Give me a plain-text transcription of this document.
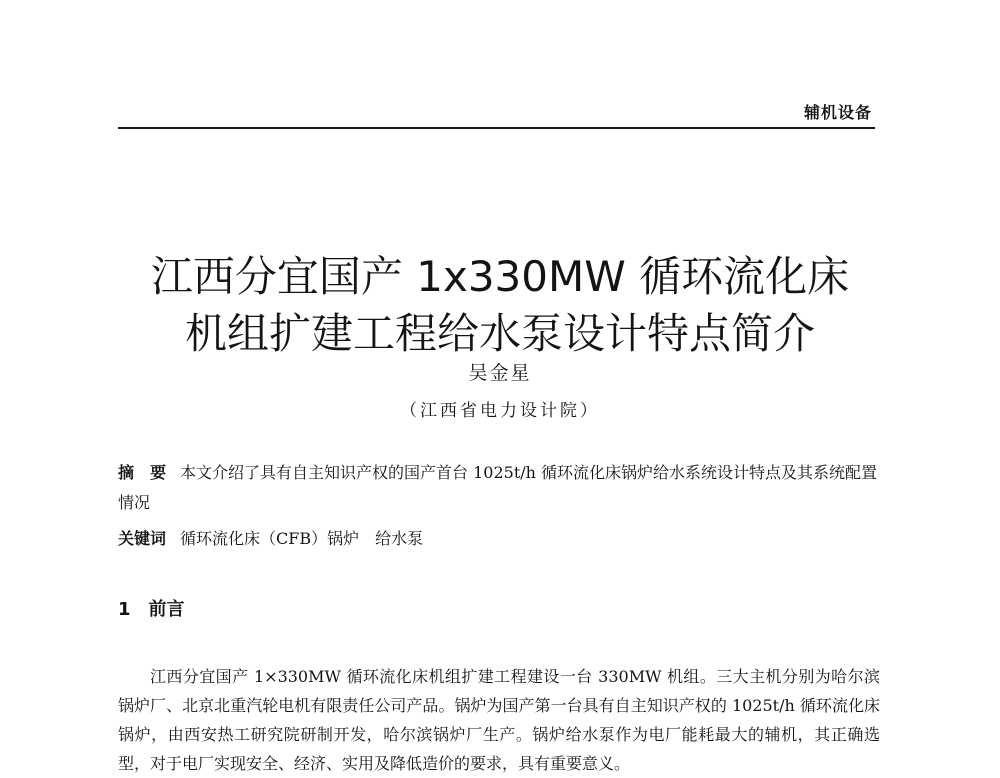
辅机设备
江西分宜国产 1x330MW 循环流化床
机组扩建工程给水泵设计特点简介
吴金星
（江西省电力设计院）
摘　要 本文介绍了具有自主知识产权的国产首台 1025t/h 循环流化床锅炉给水系统设计特点及其系统配置情况
关键词 循环流化床（CFB）锅炉 给水泵
1 前言

江西分宜国产 1×330MW 循环流化床机组扩建工程建设一台 330MW 机组。三大主机分别为哈尔滨锅炉厂、北京北重汽轮电机有限责任公司产品。锅炉为国产第一台具有自主知识产权的 1025t/h 循环流化床锅炉，由西安热工研究院研制开发，哈尔滨锅炉厂生产。锅炉给水泵作为电厂能耗最大的辅机，其正确选型，对于电厂实现安全、经济、实用及降低造价的要求，具有重要意义。
